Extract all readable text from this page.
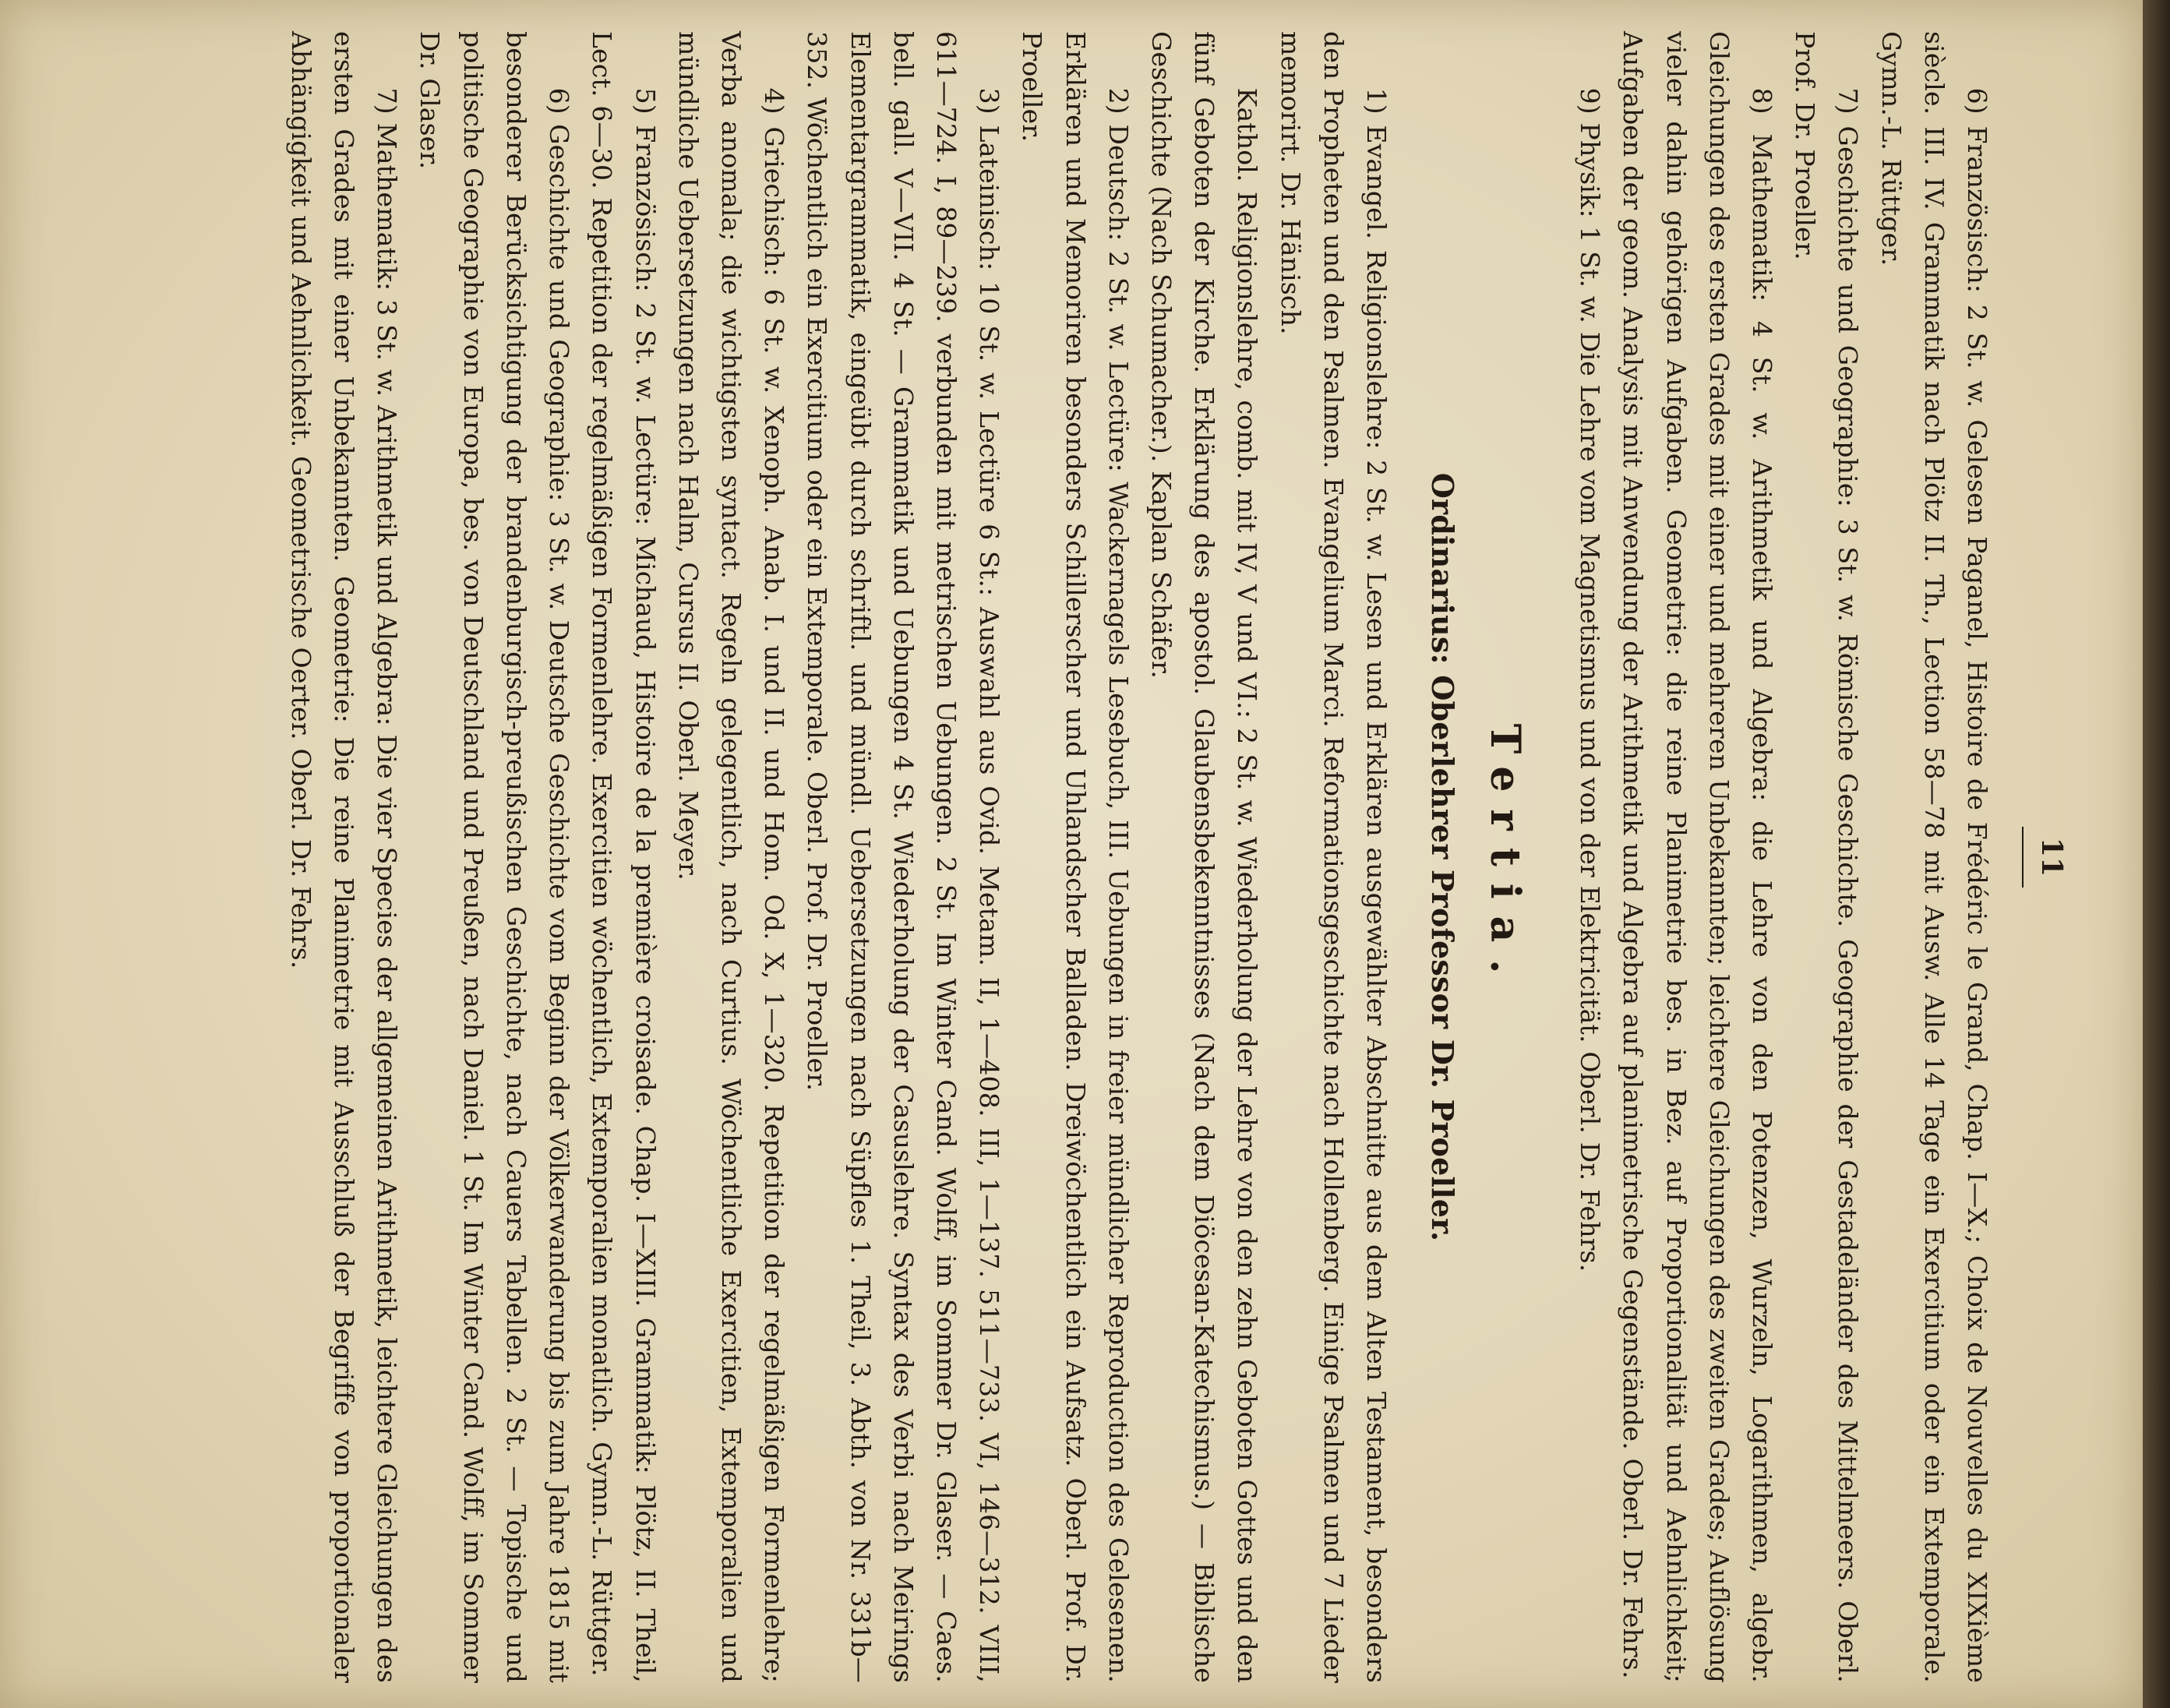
11

6) Französisch: 2 St. w. Gelesen Paganel, Histoire de Frédéric le Grand, Chap. I—X.; Choix de Nouvelles du XIXième siècle. III. IV. Grammatik nach Plötz II. Th., Lection 58—78 mit Ausw. Alle 14 Tage ein Exercitium oder ein Extemporale. Gymn.-L. Rüttger.

7) Geschichte und Geographie: 3 St. w. Römische Geschichte. Geographie der Gestadeländer des Mittelmeers. Oberl. Prof. Dr. Proeller.

8) Mathematik: 4 St. w. Arithmetik und Algebra: die Lehre von den Potenzen, Wurzeln, Logarithmen, algebr. Gleichungen des ersten Grades mit einer und mehreren Unbekannten; leichtere Gleichungen des zweiten Grades; Auflösung vieler dahin gehörigen Aufgaben. Geometrie: die reine Planimetrie bes. in Bez. auf Proportionalität und Aehnlichkeit; Aufgaben der geom. Analysis mit Anwendung der Arithmetik und Algebra auf planimetrische Gegenstände. Oberl. Dr. Fehrs.

9) Physik: 1 St. w. Die Lehre vom Magnetismus und von der Elektricität. Oberl. Dr. Fehrs.

Tertia.
Ordinarius: Oberlehrer Professor Dr. Proeller.

1) Evangel. Religionslehre: 2 St. w. Lesen und Erklären ausgewählter Abschnitte aus dem Alten Testament, besonders den Propheten und den Psalmen. Evangelium Marci. Reformationsgeschichte nach Hollenberg. Einige Psalmen und 7 Lieder memorirt. Dr. Hänisch.

Kathol. Religionslehre, comb. mit IV, V und VI.: 2 St. w. Wiederholung der Lehre von den zehn Geboten Gottes und den fünf Geboten der Kirche. Erklärung des apostol. Glaubensbekenntnisses (Nach dem Diöcesan-Katechismus.) — Biblische Geschichte (Nach Schumacher.). Kaplan Schäfer.

2) Deutsch: 2 St. w. Lectüre: Wackernagels Lesebuch, III. Uebungen in freier mündlicher Reproduction des Gelesenen. Erklären und Memoriren besonders Schillerscher und Uhlandscher Balladen. Dreiwöchentlich ein Aufsatz. Oberl. Prof. Dr. Proeller.

3) Lateinisch: 10 St. w. Lectüre 6 St.: Auswahl aus Ovid. Metam. II, 1—408. III, 1—137. 511—733. VI, 146—312. VIII, 611—724. I, 89—239. verbunden mit metrischen Uebungen. 2 St. Im Winter Cand. Wolff, im Sommer Dr. Glaser. — Caes. bell. gall. V—VII. 4 St. — Grammatik und Uebungen 4 St. Wiederholung der Casuslehre. Syntax des Verbi nach Meirings Elementargrammatik, eingeübt durch schriftl. und mündl. Uebersetzungen nach Süpfles 1. Theil, 3. Abth. von Nr. 331b—352. Wöchentlich ein Exercitium oder ein Extemporale. Oberl. Prof. Dr. Proeller.

4) Griechisch: 6 St. w. Xenoph. Anab. I. und II. und Hom. Od. X, 1—320. Repetition der regelmäßigen Formenlehre; Verba anomala; die wichtigsten syntact. Regeln gelegentlich, nach Curtius. Wöchentliche Exercitien, Extemporalien und mündliche Uebersetzungen nach Halm, Cursus II. Oberl. Meyer.

5) Französisch: 2 St. w. Lectüre: Michaud, Histoire de la première croisade. Chap. I—XIII. Grammatik: Plötz, II. Theil, Lect. 6—30. Repetition der regelmäßigen Formenlehre. Exercitien wöchentlich, Extemporalien monatlich. Gymn.-L. Rüttger.

6) Geschichte und Geographie: 3 St. w. Deutsche Geschichte vom Beginn der Völkerwanderung bis zum Jahre 1815 mit besonderer Berücksichtigung der brandenburgisch-preußischen Geschichte, nach Cauers Tabellen. 2 St. — Topische und politische Geographie von Europa, bes. von Deutschland und Preußen, nach Daniel. 1 St. Im Winter Cand. Wolff, im Sommer Dr. Glaser.

7) Mathematik: 3 St. w. Arithmetik und Algebra: Die vier Species der allgemeinen Arithmetik, leichtere Gleichungen des ersten Grades mit einer Unbekannten. Geometrie: Die reine Planimetrie mit Ausschluß der Begriffe von proportionaler Abhängigkeit und Aehnlichkeit. Geometrische Oerter. Oberl. Dr. Fehrs.
